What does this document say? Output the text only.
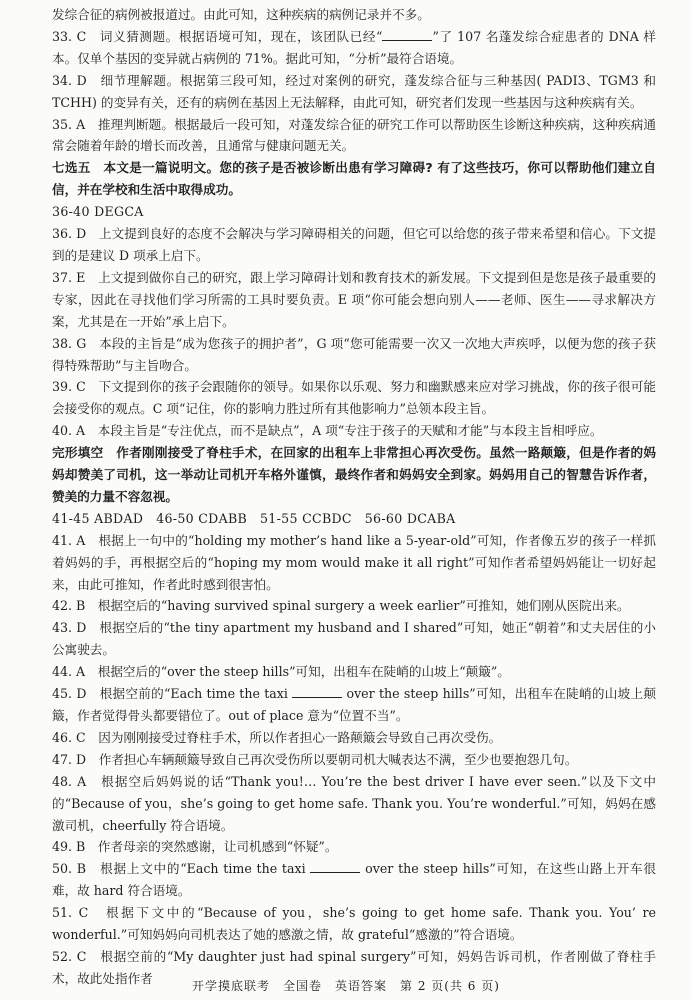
发综合征的病例被报道过。由此可知，这种疾病的病例记录并不多。

33. C　词义猜测题。根据语境可知，现在，该团队已经“	”了 107 名蓬发综合症患者的 DNA 样本。仅单个基因的变异就占病例的 71%。据此可知，“分析”最符合语境。

34. D　细节理解题。根据第三段可知，经过对案例的研究，蓬发综合征与三种基因( PADI3、TGM3 和 TCHH) 的变异有关，还有的病例在基因上无法解释，由此可知，研究者们发现一些基因与这种疾病有关。

35. A　推理判断题。根据最后一段可知，对蓬发综合征的研究工作可以帮助医生诊断这种疾病，这种疾病通常会随着年龄的增长而改善，且通常与健康问题无关。

七选五　本文是一篇说明文。您的孩子是否被诊断出患有学习障碍? 有了这些技巧，你可以帮助他们建立自信，并在学校和生活中取得成功。

36-40 DEGCA

36. D　上文提到良好的态度不会解决与学习障碍相关的问题，但它可以给您的孩子带来希望和信心。下文提到的是建议 D 项承上启下。

37. E　上文提到做你自己的研究，跟上学习障碍计划和教育技术的新发展。下文提到但是您是孩子最重要的专家，因此在寻找他们学习所需的工具时要负责。E 项“你可能会想向别人——老师、医生——寻求解决方案，尤其是在一开始”承上启下。

38. G　本段的主旨是“成为您孩子的拥护者”，G 项“您可能需要一次又一次地大声疾呼，以便为您的孩子获得特殊帮助”与主旨吻合。

39. C　下文提到你的孩子会跟随你的领导。如果你以乐观、努力和幽默感来应对学习挑战，你的孩子很可能会接受你的观点。C 项“记住，你的影响力胜过所有其他影响力”总领本段主旨。

40. A　本段主旨是“专注优点，而不是缺点”，A 项“专注于孩子的天赋和才能”与本段主旨相呼应。

完形填空　作者刚刚接受了脊柱手术，在回家的出租车上非常担心再次受伤。虽然一路颠簸，但是作者的妈妈却赞美了司机，这一举动让司机开车格外谨慎，最终作者和妈妈安全到家。妈妈用自己的智慧告诉作者，赞美的力量不容忽视。

41-45 ABDAD　46-50 CDABB　51-55 CCBDC　56-60 DCABA

41. A　根据上一句中的“holding my mother’s hand like a 5-year-old”可知，作者像五岁的孩子一样抓着妈妈的手，再根据空后的“hoping my mom would make it all right”可知作者希望妈妈能让一切好起来，由此可推知，作者此时感到很害怕。

42. B　根据空后的“having survived spinal surgery a week earlier”可推知，她们刚从医院出来。

43. D　根据空后的“the tiny apartment my husband and I shared”可知，她正“朝着”和丈夫居住的小公寓驶去。

44. A　根据空后的“over the steep hills”可知，出租车在陡峭的山坡上“颠簸”。

45. D　根据空前的“Each time the taxi	over the steep hills”可知，出租车在陡峭的山坡上颠簸，作者觉得骨头都要错位了。out of place 意为“位置不当”。

46. C　因为刚刚接受过脊柱手术，所以作者担心一路颠簸会导致自己再次受伤。

47. D　作者担心车辆颠簸导致自己再次受伤所以要朝司机大喊表达不满，至少也要抱怨几句。

48. A　根据空后妈妈说的话“Thank you!… You’re the best driver I have ever seen.”以及下文中的“Because of you，she’s going to get home safe. Thank you. You’re wonderful.”可知，妈妈在感激司机，cheerfully 符合语境。

49. B　作者母亲的突然感谢，让司机感到“怀疑”。

50. B　根据上文中的“Each time the taxi	over the steep hills”可知，在这些山路上开车很难，故 hard 符合语境。

51. C　根据下文中的“Because of you，she’s going to get home safe. Thank you. You’ re wonderful.”可知妈妈向司机表达了她的感激之情，故 grateful“感激的”符合语境。

52. C　根据空前的“My daughter just had spinal surgery”可知，妈妈告诉司机，作者刚做了脊柱手术，故此处指作者

开学摸底联考　全国卷　英语答案　第 2 页(共 6 页)
